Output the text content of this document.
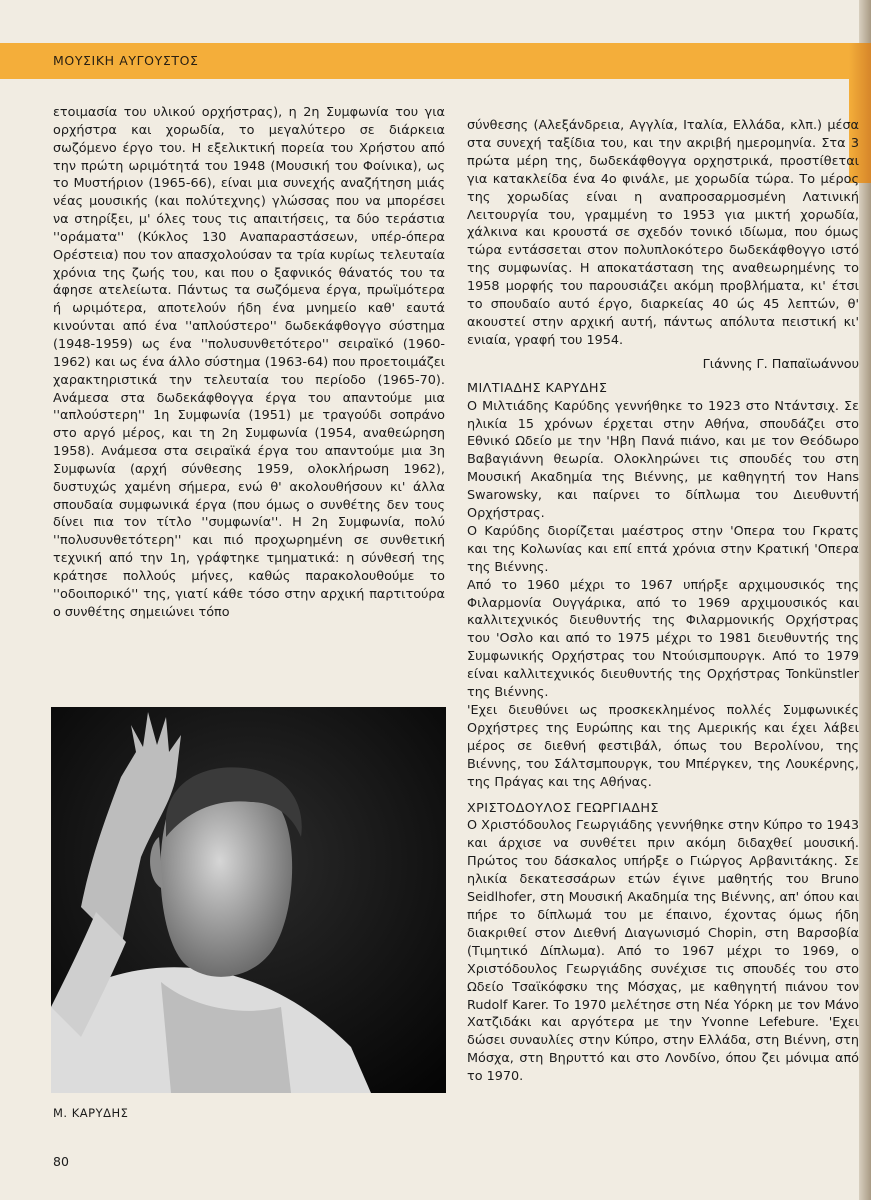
ΜΟΥΣΙΚΗ ΑΥΓΟΥΣΤΟΣ

ετοιμασία του υλικού ορχήστρας), η 2η Συμφωνία του για ορχήστρα και χορωδία, το μεγαλύτερο σε διάρκεια σωζόμενο έργο του. Η εξελικτική πορεία του Χρήστου από την πρώτη ωριμότητά του 1948 (Μουσική του Φοίνικα), ως το Μυστήριον (1965-66), είναι μια συνεχής αναζήτηση μιάς νέας μουσικής (και πολύτεχνης) γλώσσας που να μπορέσει να στηρίξει, μ' όλες τους τις απαιτήσεις, τα δύο τεράστια ''οράματα'' (Κύκλος 130 Αναπαραστάσεων, υπέρ-όπερα Ορέστεια) που τον απασχολούσαν τα τρία κυρίως τελευταία χρόνια της ζωής του, και που ο ξαφνικός θάνατός του τα άφησε ατελείωτα. Πάντως τα σωζόμενα έργα, πρωϊμότερα ή ωριμότερα, αποτελούν ήδη ένα μνημείο καθ' εαυτά κινούνται από ένα ''απλούστερο'' δωδεκάφθογγο σύστημα (1948-1959) ως ένα ''πολυσυνθετότερο'' σειραϊκό (1960-1962) και ως ένα άλλο σύστημα (1963-64) που προετοιμάζει χαρακτηριστικά την τελευταία του περίοδο (1965-70). Ανάμεσα στα δωδεκάφθογγα έργα του απαντούμε μια ''απλούστερη'' 1η Συμφωνία (1951) με τραγούδι σοπράνο στο αργό μέρος, και τη 2η Συμφωνία (1954, αναθεώρηση 1958). Ανάμεσα στα σειραϊκά έργα του απαντούμε μια 3η Συμφωνία (αρχή σύνθεσης 1959, ολοκλήρωση 1962), δυστυχώς χαμένη σήμερα, ενώ θ' ακολουθήσουν κι' άλλα σπουδαία συμφωνικά έργα (που όμως ο συνθέτης δεν τους δίνει πια τον τίτλο ''συμφωνία''. Η 2η Συμφωνία, πολύ ''πολυσυνθετότερη'' και πιό προχωρημένη σε συνθετική τεχνική από την 1η, γράφτηκε τμηματικά: η σύνθεσή της κράτησε πολλούς μήνες, καθώς παρακολουθούμε το ''οδοιπορικό'' της, γιατί κάθε τόσο στην αρχική παρτιτούρα ο συνθέτης σημειώνει τόπο

σύνθεσης (Αλεξάνδρεια, Αγγλία, Ιταλία, Ελλάδα, κλπ.) μέσα στα συνεχή ταξίδια του, και την ακριβή ημερομηνία. Στα 3 πρώτα μέρη της, δωδεκάφθογγα ορχηστρικά, προστίθεται για κατακλείδα ένα 4ο φινάλε, με χορωδία τώρα. Το μέρος της χορωδίας είναι η αναπροσαρμοσμένη Λατινική Λειτουργία του, γραμμένη το 1953 για μικτή χορωδία, χάλκινα και κρουστά σε σχεδόν τονικό ιδίωμα, που όμως τώρα εντάσσεται στον πολυπλοκότερο δωδεκάφθογγο ιστό της συμφωνίας. Η αποκατάσταση της αναθεωρημένης το 1958 μορφής του παρουσιάζει ακόμη προβλήματα, κι' έτσι το σπουδαίο αυτό έργο, διαρκείας 40 ώς 45 λεπτών, θ' ακουστεί στην αρχική αυτή, πάντως απόλυτα πειστική κι' ενιαία, γραφή του 1954.

Γιάννης Γ. Παπαϊωάννου

ΜΙΛΤΙΑΔΗΣ ΚΑΡΥΔΗΣ

Ο Μιλτιάδης Καρύδης γεννήθηκε το 1923 στο Ντάντσιχ. Σε ηλικία 15 χρόνων έρχεται στην Αθήνα, σπουδάζει στο Εθνικό Ωδείο με την 'Ηβη Πανά πιάνο, και με τον Θεόδωρο Βαβαγιάννη θεωρία. Ολοκληρώνει τις σπουδές του στη Μουσική Ακαδημία της Βιέννης, με καθηγητή τον Hans Swarowsky, και παίρνει το δίπλωμα του Διευθυντή Ορχήστρας.

Ο Καρύδης διορίζεται μαέστρος στην 'Οπερα του Γκρατς και της Κολωνίας και επί επτά χρόνια στην Κρατική 'Οπερα της Βιέννης.

Από το 1960 μέχρι το 1967 υπήρξε αρχιμουσικός της Φιλαρμονία Ουγγάρικα, από το 1969 αρχιμουσικός και καλλιτεχνικός διευθυντής της Φιλαρμονικής Ορχήστρας του 'Οσλο και από το 1975 μέχρι το 1981 διευθυντής της Συμφωνικής Ορχήστρας του Ντούισμπουργκ. Από το 1979 είναι καλλιτεχνικός διευθυντής της Ορχήστρας Tonkünstler της Βιέννης.

'Εχει διευθύνει ως προσκεκλημένος πολλές Συμφωνικές Ορχήστρες της Ευρώπης και της Αμερικής και έχει λάβει μέρος σε διεθνή φεστιβάλ, όπως του Βερολίνου, της Βιέννης, του Σάλτσμπουργκ, του Μπέργκεν, της Λουκέρνης, της Πράγας και της Αθήνας.

ΧΡΙΣΤΟΔΟΥΛΟΣ ΓΕΩΡΓΙΑΔΗΣ

Ο Χριστόδουλος Γεωργιάδης γεννήθηκε στην Κύπρο το 1943 και άρχισε να συνθέτει πριν ακόμη διδαχθεί μουσική. Πρώτος του δάσκαλος υπήρξε ο Γιώργος Αρβανιτάκης. Σε ηλικία δεκατεσσάρων ετών έγινε μαθητής του Bruno Seidlhofer, στη Μουσική Ακαδημία της Βιέννης, απ' όπου και πήρε το δίπλωμά του με έπαινο, έχοντας όμως ήδη διακριθεί στον Διεθνή Διαγωνισμό Chopin, στη Βαρσοβία (Τιμητικό Δίπλωμα). Από το 1967 μέχρι το 1969, ο Χριστόδουλος Γεωργιάδης συνέχισε τις σπουδές του στο Ωδείο Τσαϊκόφσκυ της Μόσχας, με καθηγητή πιάνου τον Rudolf Karer. Το 1970 μελέτησε στη Νέα Υόρκη με τον Μάνο Χατζιδάκι και αργότερα με την Yvonne Lefebure. 'Εχει δώσει συναυλίες στην Κύπρο, στην Ελλάδα, στη Βιέννη, στη Μόσχα, στη Βηρυττό και στο Λονδίνο, όπου ζει μόνιμα από το 1970.

Μ. ΚΑΡΥΔΗΣ
80
